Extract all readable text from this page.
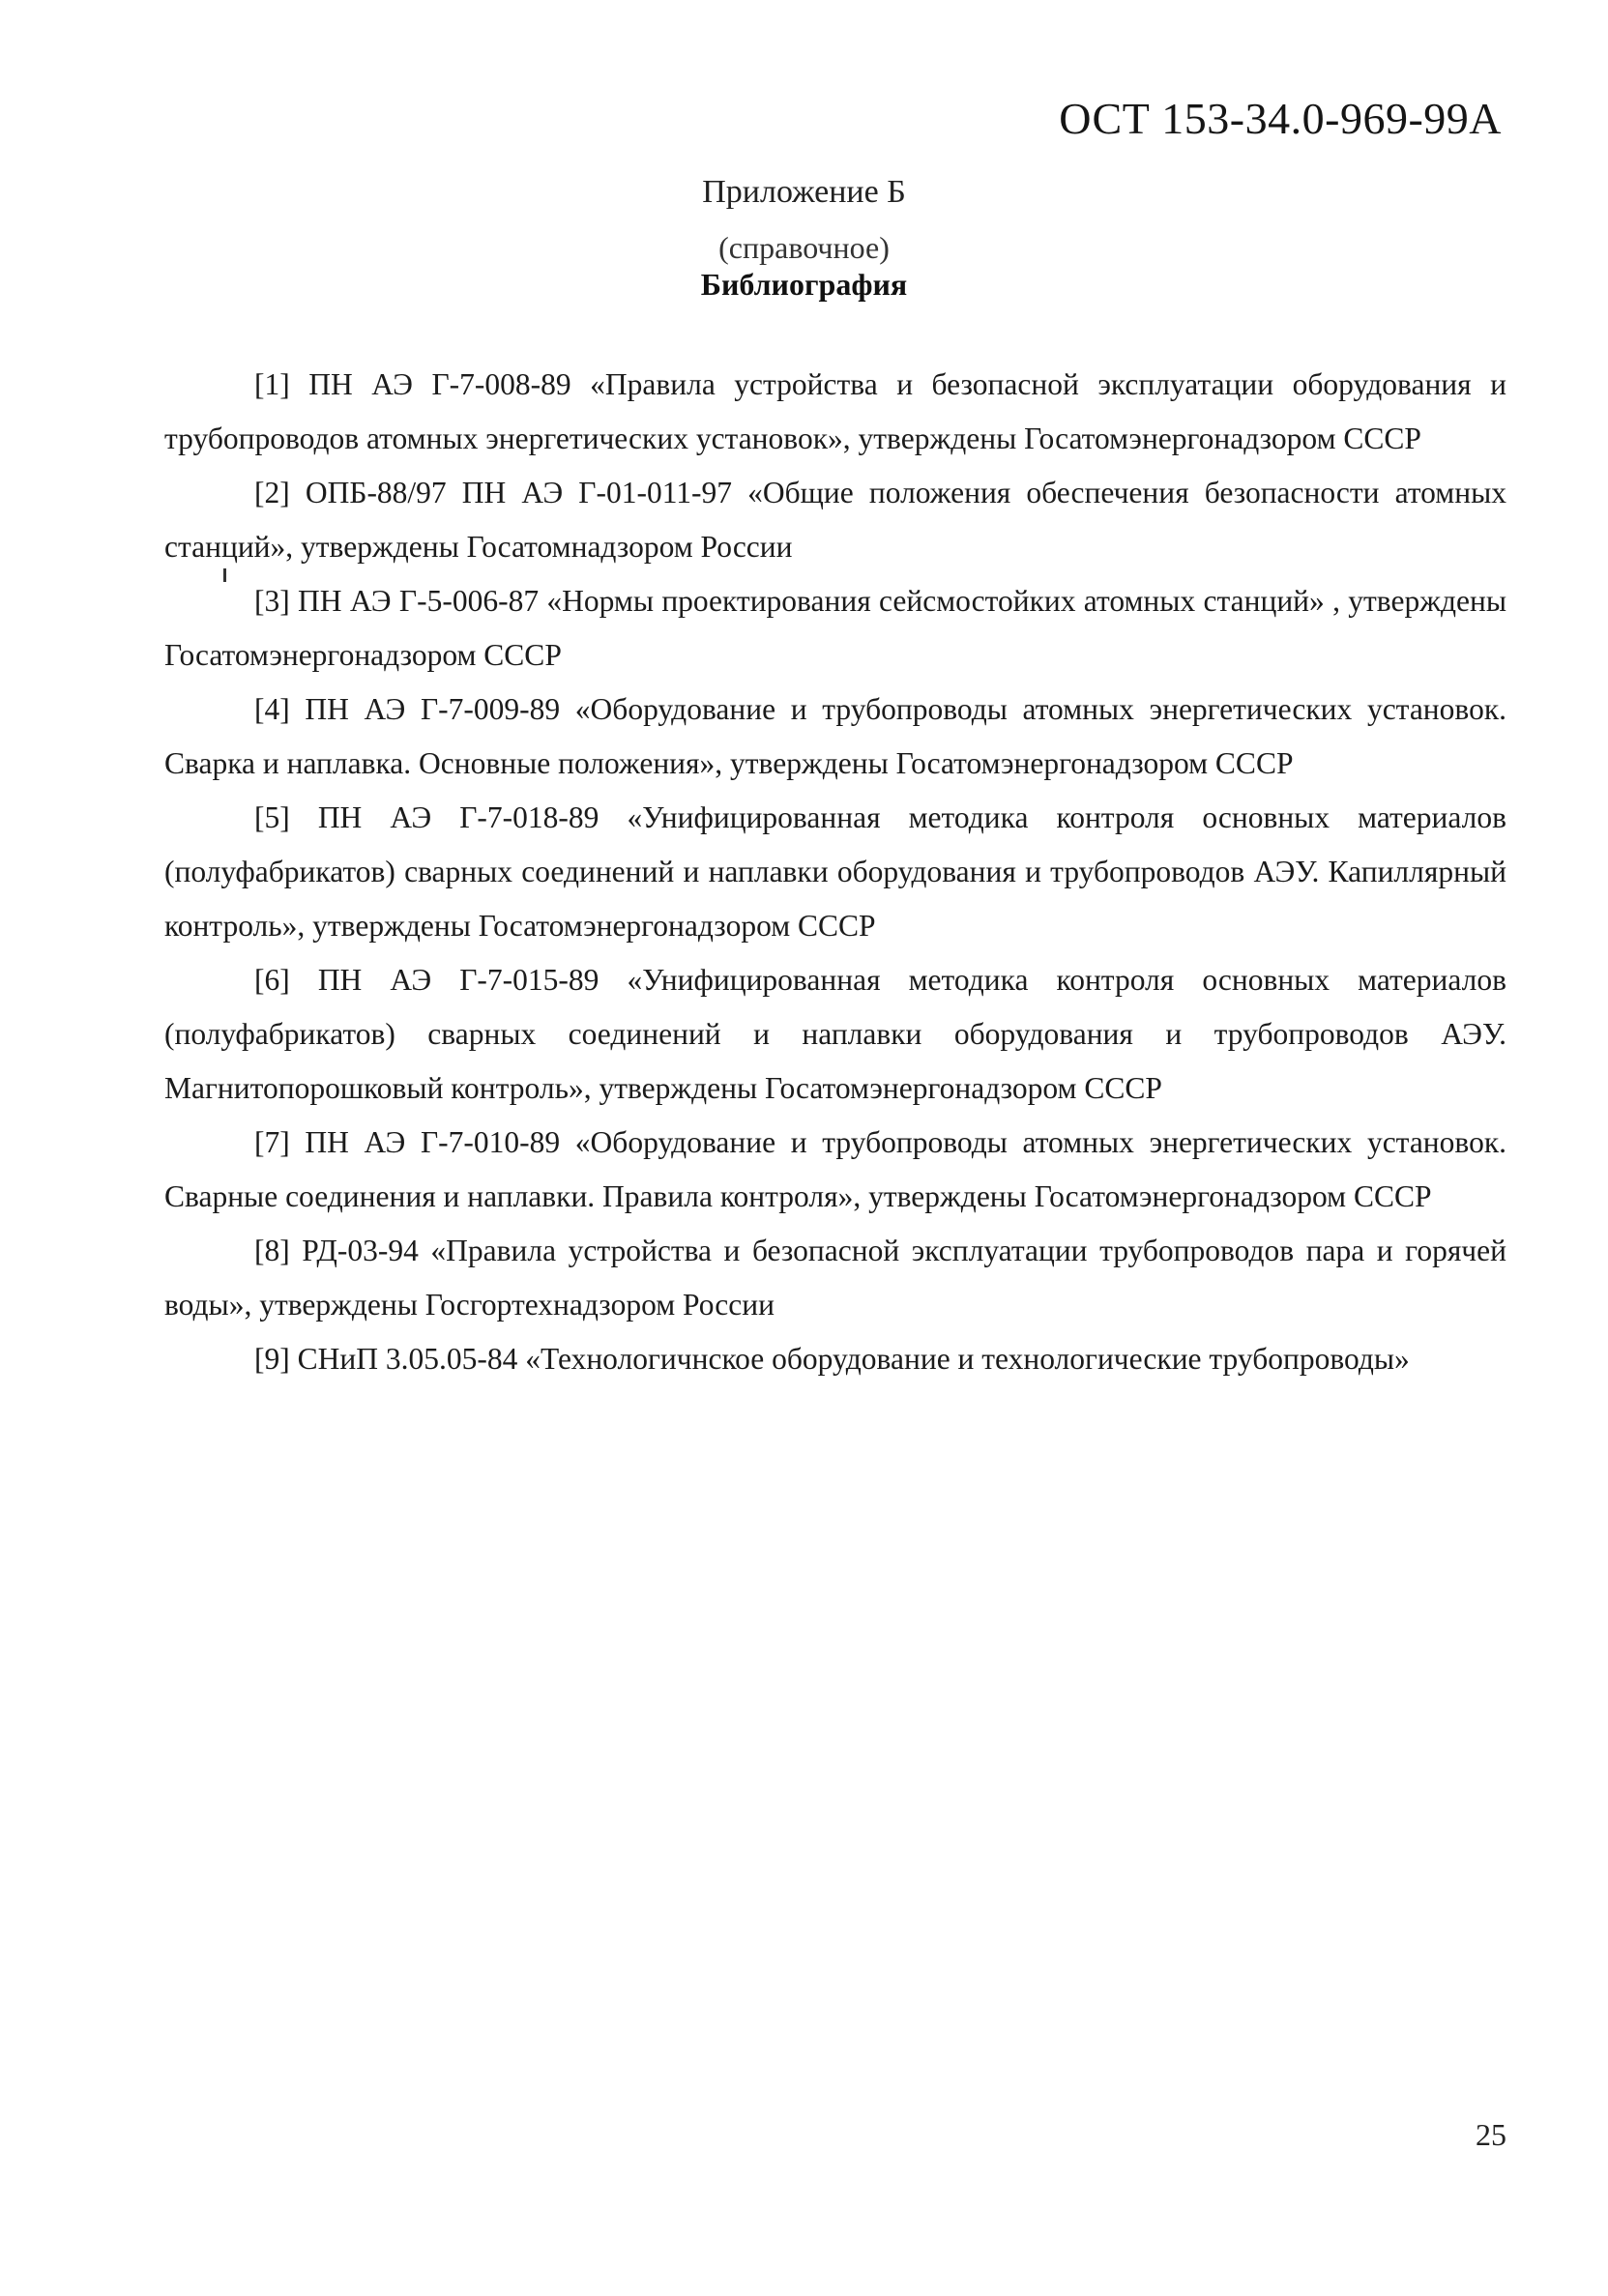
ОСТ 153-34.0-969-99А
Приложение Б
(справочное)
Библиография

[1] ПН АЭ Г-7-008-89 «Правила устройства и безопасной эксплуатации оборудования и трубопроводов атомных энергетических установок», утверждены Госатомэнергонадзором СССР

[2] ОПБ-88/97 ПН АЭ Г-01-011-97 «Общие положения обеспечения безопасности атомных станций», утверждены Госатомнадзором России

[3] ПН АЭ Г-5-006-87 «Нормы проектирования сейсмостойких атомных станций» , утверждены Госатомэнергонадзором СССР

[4] ПН АЭ Г-7-009-89 «Оборудование и трубопроводы атомных энергетических установок. Сварка и наплавка. Основные положения», утверждены Госатомэнергонадзором СССР

[5] ПН АЭ Г-7-018-89 «Унифицированная методика контроля основных материалов (полуфабрикатов) сварных соединений и наплавки оборудования и трубопроводов АЭУ. Капиллярный контроль», утверждены Госатомэнергонадзором СССР

[6] ПН АЭ Г-7-015-89 «Унифицированная методика контроля основных материалов (полуфабрикатов) сварных соединений и наплавки оборудования и трубопроводов АЭУ. Магнитопорошковый контроль», утверждены Госатомэнергонадзором СССР

[7] ПН АЭ Г-7-010-89 «Оборудование и трубопроводы атомных энергетических установок. Сварные соединения и наплавки. Правила контроля», утверждены Госатомэнергонадзором СССР

[8] РД-03-94 «Правила устройства и безопасной эксплуатации трубопроводов пара и горячей воды», утверждены Госгортехнадзором России

[9] СНиП 3.05.05-84 «Технологичнское оборудование и технологические трубопроводы»

25
